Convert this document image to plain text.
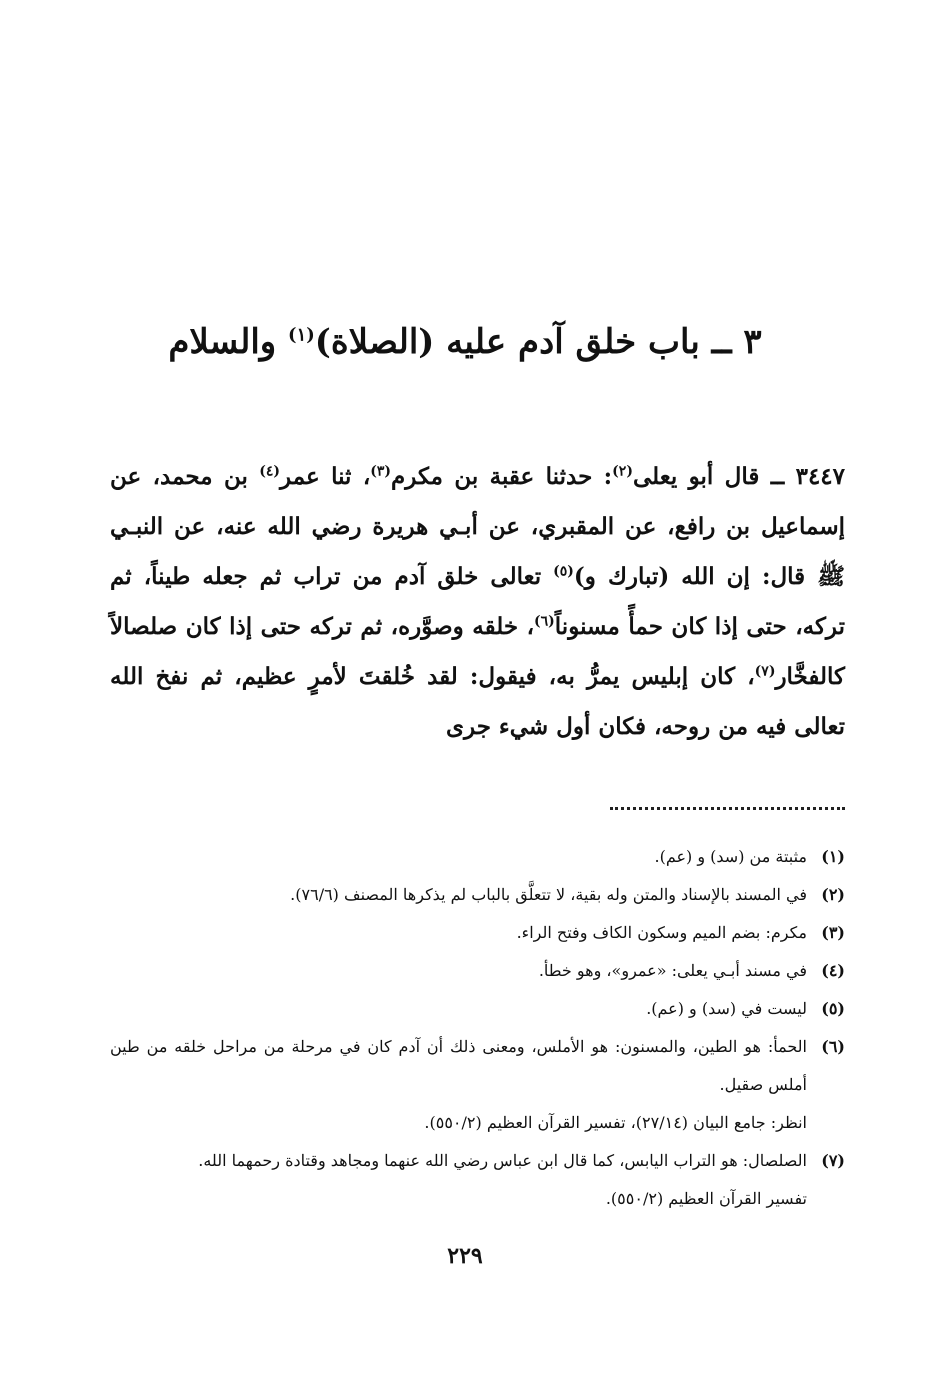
٣ ــ باب خلق آدم عليه (الصلاة)$^{(١)}$ والسلام
٣٤٤٧ ــ قال أبو يعلى$^{(٢)}$: حدثنا عقبة بن مكرم$^{(٣)}$، ثنا عمر$^{(٤)}$ بن محمد، عن إسماعيل بن رافع، عن المقبري، عن أبـي هريرة رضي الله عنه، عن النبـي ﷺ قال: إن الله (تبارك و)$^{(٥)}$ تعالى خلق آدم من تراب ثم جعله طيناً، ثم تركه، حتى إذا كان حمأً مسنوناً$^{(٦)}$، خلقه وصوَّره، ثم تركه حتى إذا كان صلصالاً كالفخَّار$^{(٧)}$، كان إبليس يمرُّ به، فيقول: لقد خُلقتَ لأمرٍ عظيم، ثم نفخ الله تعالى فيه من روحه، فكان أول شيء جرى
(١)
مثبتة من (سد) و (عم).
(٢)
في المسند بالإسناد والمتن وله بقية، لا تتعلَّق بالباب لم يذكرها المصنف (٧٦/٦).
(٣)
مكرم: بضم الميم وسكون الكاف وفتح الراء.
(٤)
في مسند أبـي يعلى: «عمرو»، وهو خطأ.
(٥)
ليست في (سد) و (عم).
(٦)
الحمأ: هو الطين، والمسنون: هو الأملس، ومعنى ذلك أن آدم كان في مرحلة من مراحل خلقه من طين أملس صقيل.
انظر: جامع البيان (٢٧/١٤)، تفسير القرآن العظيم (٥٥٠/٢).
(٧)
الصلصال: هو التراب اليابس، كما قال ابن عباس رضي الله عنهما ومجاهد وقتادة رحمهما الله.
تفسير القرآن العظيم (٥٥٠/٢).
٢٢٩
